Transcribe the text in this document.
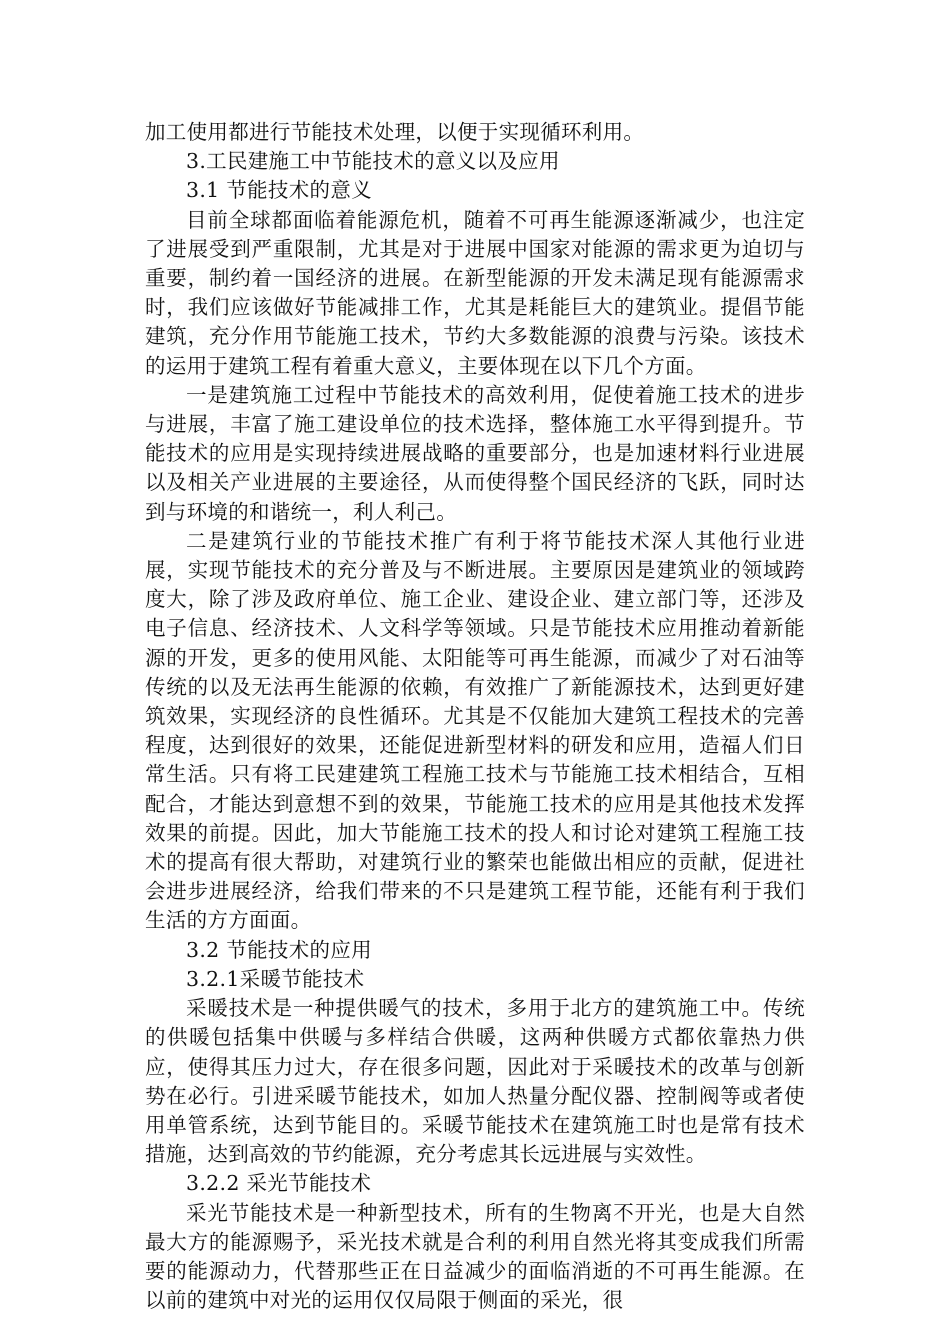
加工使用都进行节能技术处理，以便于实现循环利用。

3.工民建施工中节能技术的意义以及应用

3.1 节能技术的意义

目前全球都面临着能源危机，随着不可再生能源逐渐减少，也注定了进展受到严重限制，尤其是对于进展中国家对能源的需求更为迫切与重要，制约着一国经济的进展。在新型能源的开发未满足现有能源需求时，我们应该做好节能减排工作，尤其是耗能巨大的建筑业。提倡节能建筑，充分作用节能施工技术，节约大多数能源的浪费与污染。该技术的运用于建筑工程有着重大意义，主要体现在以下几个方面。

一是建筑施工过程中节能技术的高效利用，促使着施工技术的进步与进展，丰富了施工建设单位的技术选择，整体施工水平得到提升。节能技术的应用是实现持续进展战略的重要部分，也是加速材料行业进展以及相关产业进展的主要途径，从而使得整个国民经济的飞跃，同时达到与环境的和谐统一，利人利己。

二是建筑行业的节能技术推广有利于将节能技术深人其他行业进展，实现节能技术的充分普及与不断进展。主要原因是建筑业的领域跨度大，除了涉及政府单位、施工企业、建设企业、建立部门等，还涉及电子信息、经济技术、人文科学等领域。只是节能技术应用推动着新能源的开发，更多的使用风能、太阳能等可再生能源，而减少了对石油等传统的以及无法再生能源的依赖，有效推广了新能源技术，达到更好建筑效果，实现经济的良性循环。尤其是不仅能加大建筑工程技术的完善程度，达到很好的效果，还能促进新型材料的研发和应用，造福人们日常生活。只有将工民建建筑工程施工技术与节能施工技术相结合，互相配合，才能达到意想不到的效果，节能施工技术的应用是其他技术发挥效果的前提。因此，加大节能施工技术的投人和讨论对建筑工程施工技术的提高有很大帮助，对建筑行业的繁荣也能做出相应的贡献，促进社会进步进展经济，给我们带来的不只是建筑工程节能，还能有利于我们生活的方方面面。

3.2 节能技术的应用

3.2.1采暖节能技术

采暖技术是一种提供暖气的技术，多用于北方的建筑施工中。传统的供暖包括集中供暖与多样结合供暖，这两种供暖方式都依靠热力供应，使得其压力过大，存在很多问题，因此对于采暖技术的改革与创新势在必行。引进采暖节能技术，如加人热量分配仪器、控制阀等或者使用单管系统，达到节能目的。采暖节能技术在建筑施工时也是常有技术措施，达到高效的节约能源，充分考虑其长远进展与实效性。

3.2.2 采光节能技术

采光节能技术是一种新型技术，所有的生物离不开光，也是大自然最大方的能源赐予，采光技术就是合利的利用自然光将其变成我们所需要的能源动力，代替那些正在日益减少的面临消逝的不可再生能源。在以前的建筑中对光的运用仅仅局限于侧面的采光，很
